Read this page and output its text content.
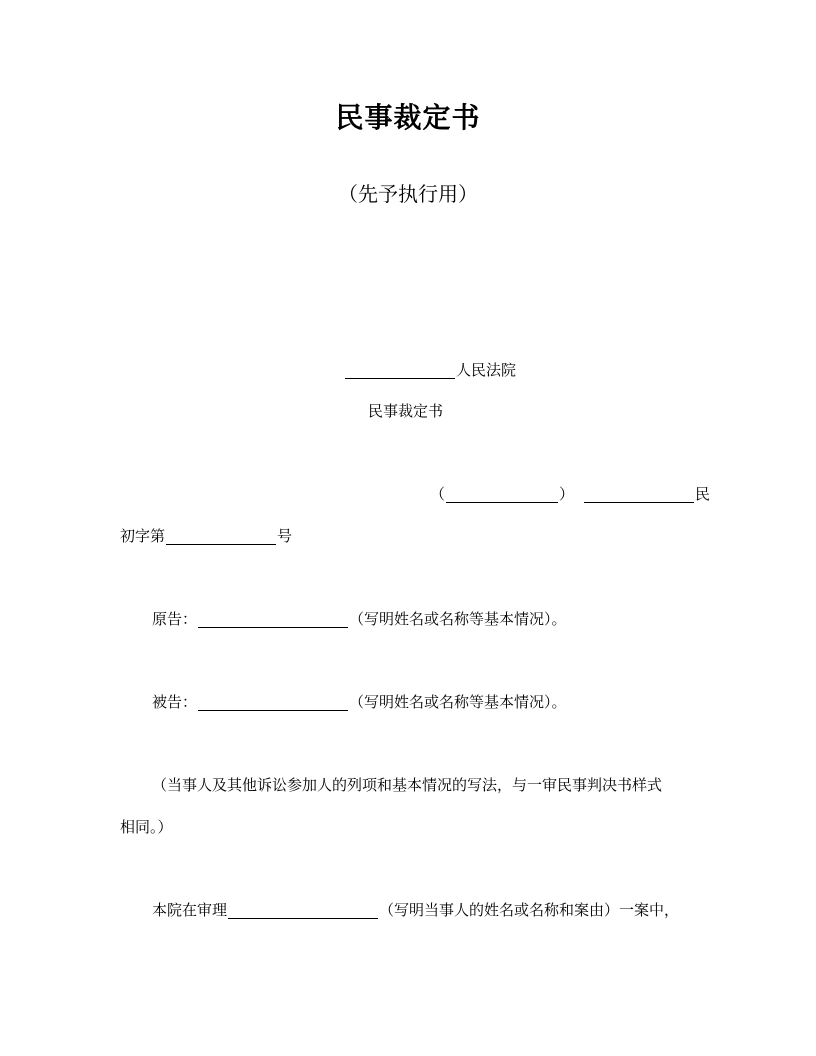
民事裁定书
（先予执行用）
人民法院
民事裁定书
（	）	民
初字第	号
原告：	（写明姓名或名称等基本情况）。
被告：	（写明姓名或名称等基本情况）。
（当事人及其他诉讼参加人的列项和基本情况的写法，与一审民事判决书样式
相同。）
本院在审理	（写明当事人的姓名或名称和案由）一案中，
